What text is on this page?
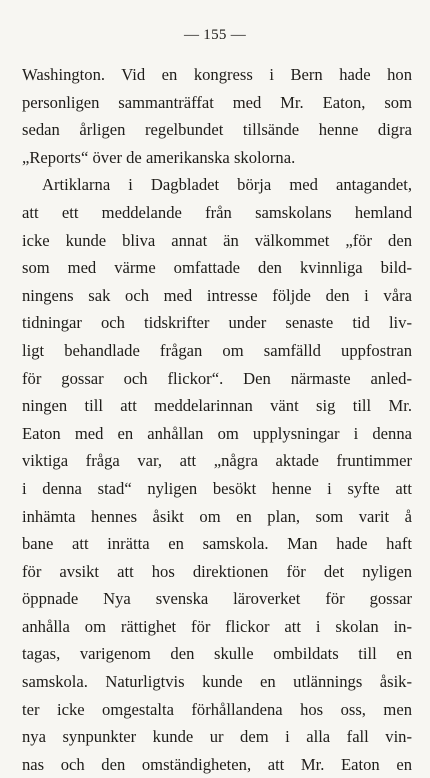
— 155 —
Washington. Vid en kongress i Bern hade hon
personligen sammanträffat med Mr. Eaton, som
sedan årligen regelbundet tillsände henne digra
„Reports“ över de amerikanska skolorna.
Artiklarna i Dagbladet börja med antagandet,
att ett meddelande från samskolans hemland
icke kunde bliva annat än välkommet „för den
som med värme omfattade den kvinnliga bild-
ningens sak och med intresse följde den i våra
tidningar och tidskrifter under senaste tid liv-
ligt behandlade frågan om samfälld uppfostran
för gossar och flickor“. Den närmaste anled-
ningen till att meddelarinnan vänt sig till Mr.
Eaton med en anhållan om upplysningar i denna
viktiga fråga var, att „några aktade fruntimmer
i denna stad“ nyligen besökt henne i syfte att
inhämta hennes åsikt om en plan, som varit å
bane att inrätta en samskola. Man hade haft
för avsikt att hos direktionen för det nyligen
öppnade Nya svenska läroverket för gossar
anhålla om rättighet för flickor att i skolan in-
tagas, varigenom den skulle ombildats till en
samskola. Naturligtvis kunde en utlännings åsik-
ter icke omgestalta förhållandena hos oss, men
nya synpunkter kunde ur dem i alla fall vin-
nas och den omständigheten, att Mr. Eaton en
